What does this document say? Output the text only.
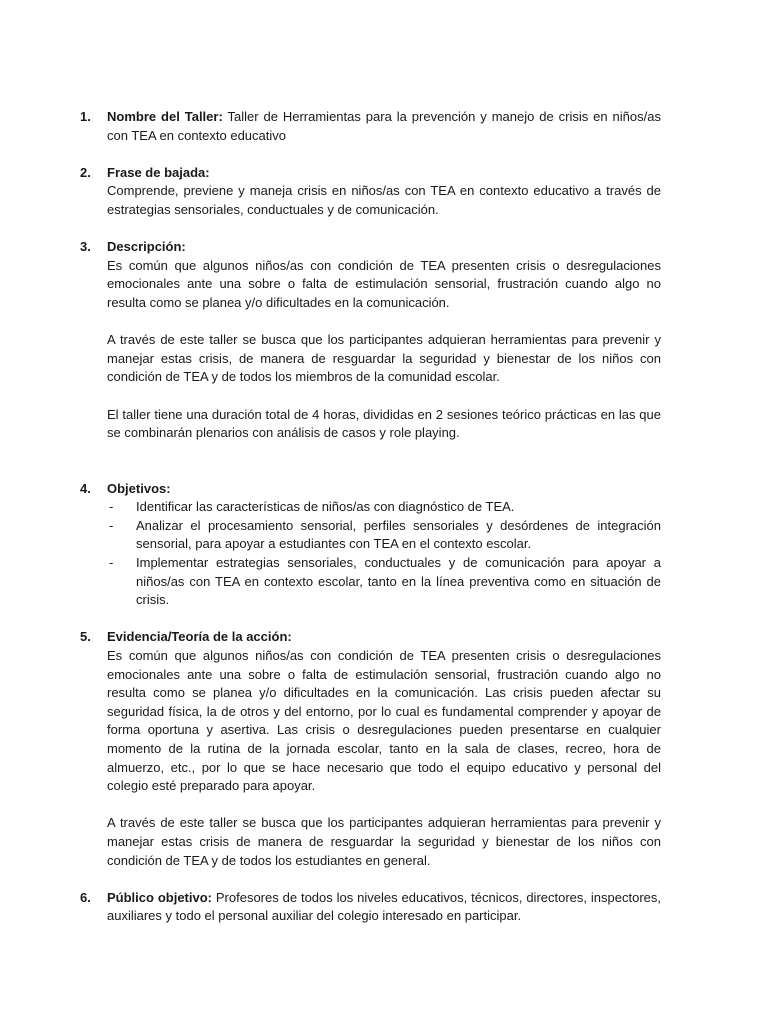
1.	Nombre del Taller: Taller de Herramientas para la prevención y manejo de crisis en niños/as con TEA en contexto educativo

2.	Frase de bajada:

Comprende, previene y maneja crisis en niños/as con TEA en contexto educativo a través de estrategias sensoriales, conductuales y de comunicación.

3.	Descripción:

Es común que algunos niños/as con condición de TEA presenten crisis o desregulaciones emocionales ante una sobre o falta de estimulación sensorial, frustración cuando algo no resulta como se planea y/o dificultades en la comunicación.

A través de este taller se busca que los participantes adquieran herramientas para prevenir y manejar estas crisis, de manera de resguardar la seguridad y bienestar de los niños con condición de TEA y de todos los miembros de la comunidad escolar.

El taller tiene una duración total de 4 horas, divididas en 2 sesiones teórico prácticas en las que se combinarán plenarios con análisis de casos y role playing.

4.	Objetivos:

-	Identificar las características de niños/as con diagnóstico de TEA.
-	Analizar el procesamiento sensorial, perfiles sensoriales y desórdenes de integración sensorial, para apoyar a estudiantes con TEA en el contexto escolar.
-	Implementar estrategias sensoriales, conductuales y de comunicación para apoyar a niños/as con TEA en contexto escolar, tanto en la línea preventiva como en situación de crisis.
5.	Evidencia/Teoría de la acción:

Es común que algunos niños/as con condición de TEA presenten crisis o desregulaciones emocionales ante una sobre o falta de estimulación sensorial, frustración cuando algo no resulta como se planea y/o dificultades en la comunicación. Las crisis pueden afectar su seguridad física, la de otros y del entorno, por lo cual es fundamental comprender y apoyar de forma oportuna y asertiva. Las crisis o desregulaciones pueden presentarse en cualquier momento de la rutina de la jornada escolar, tanto en la sala de clases, recreo, hora de almuerzo, etc., por lo que se hace necesario que todo el equipo educativo y personal del colegio esté preparado para apoyar.

A través de este taller se busca que los participantes adquieran herramientas para prevenir y manejar estas crisis de manera de resguardar la seguridad y bienestar de los niños con condición de TEA y de todos los estudiantes en general.

6.	Público objetivo: Profesores de todos los niveles educativos, técnicos, directores, inspectores, auxiliares y todo el personal auxiliar del colegio interesado en participar.
